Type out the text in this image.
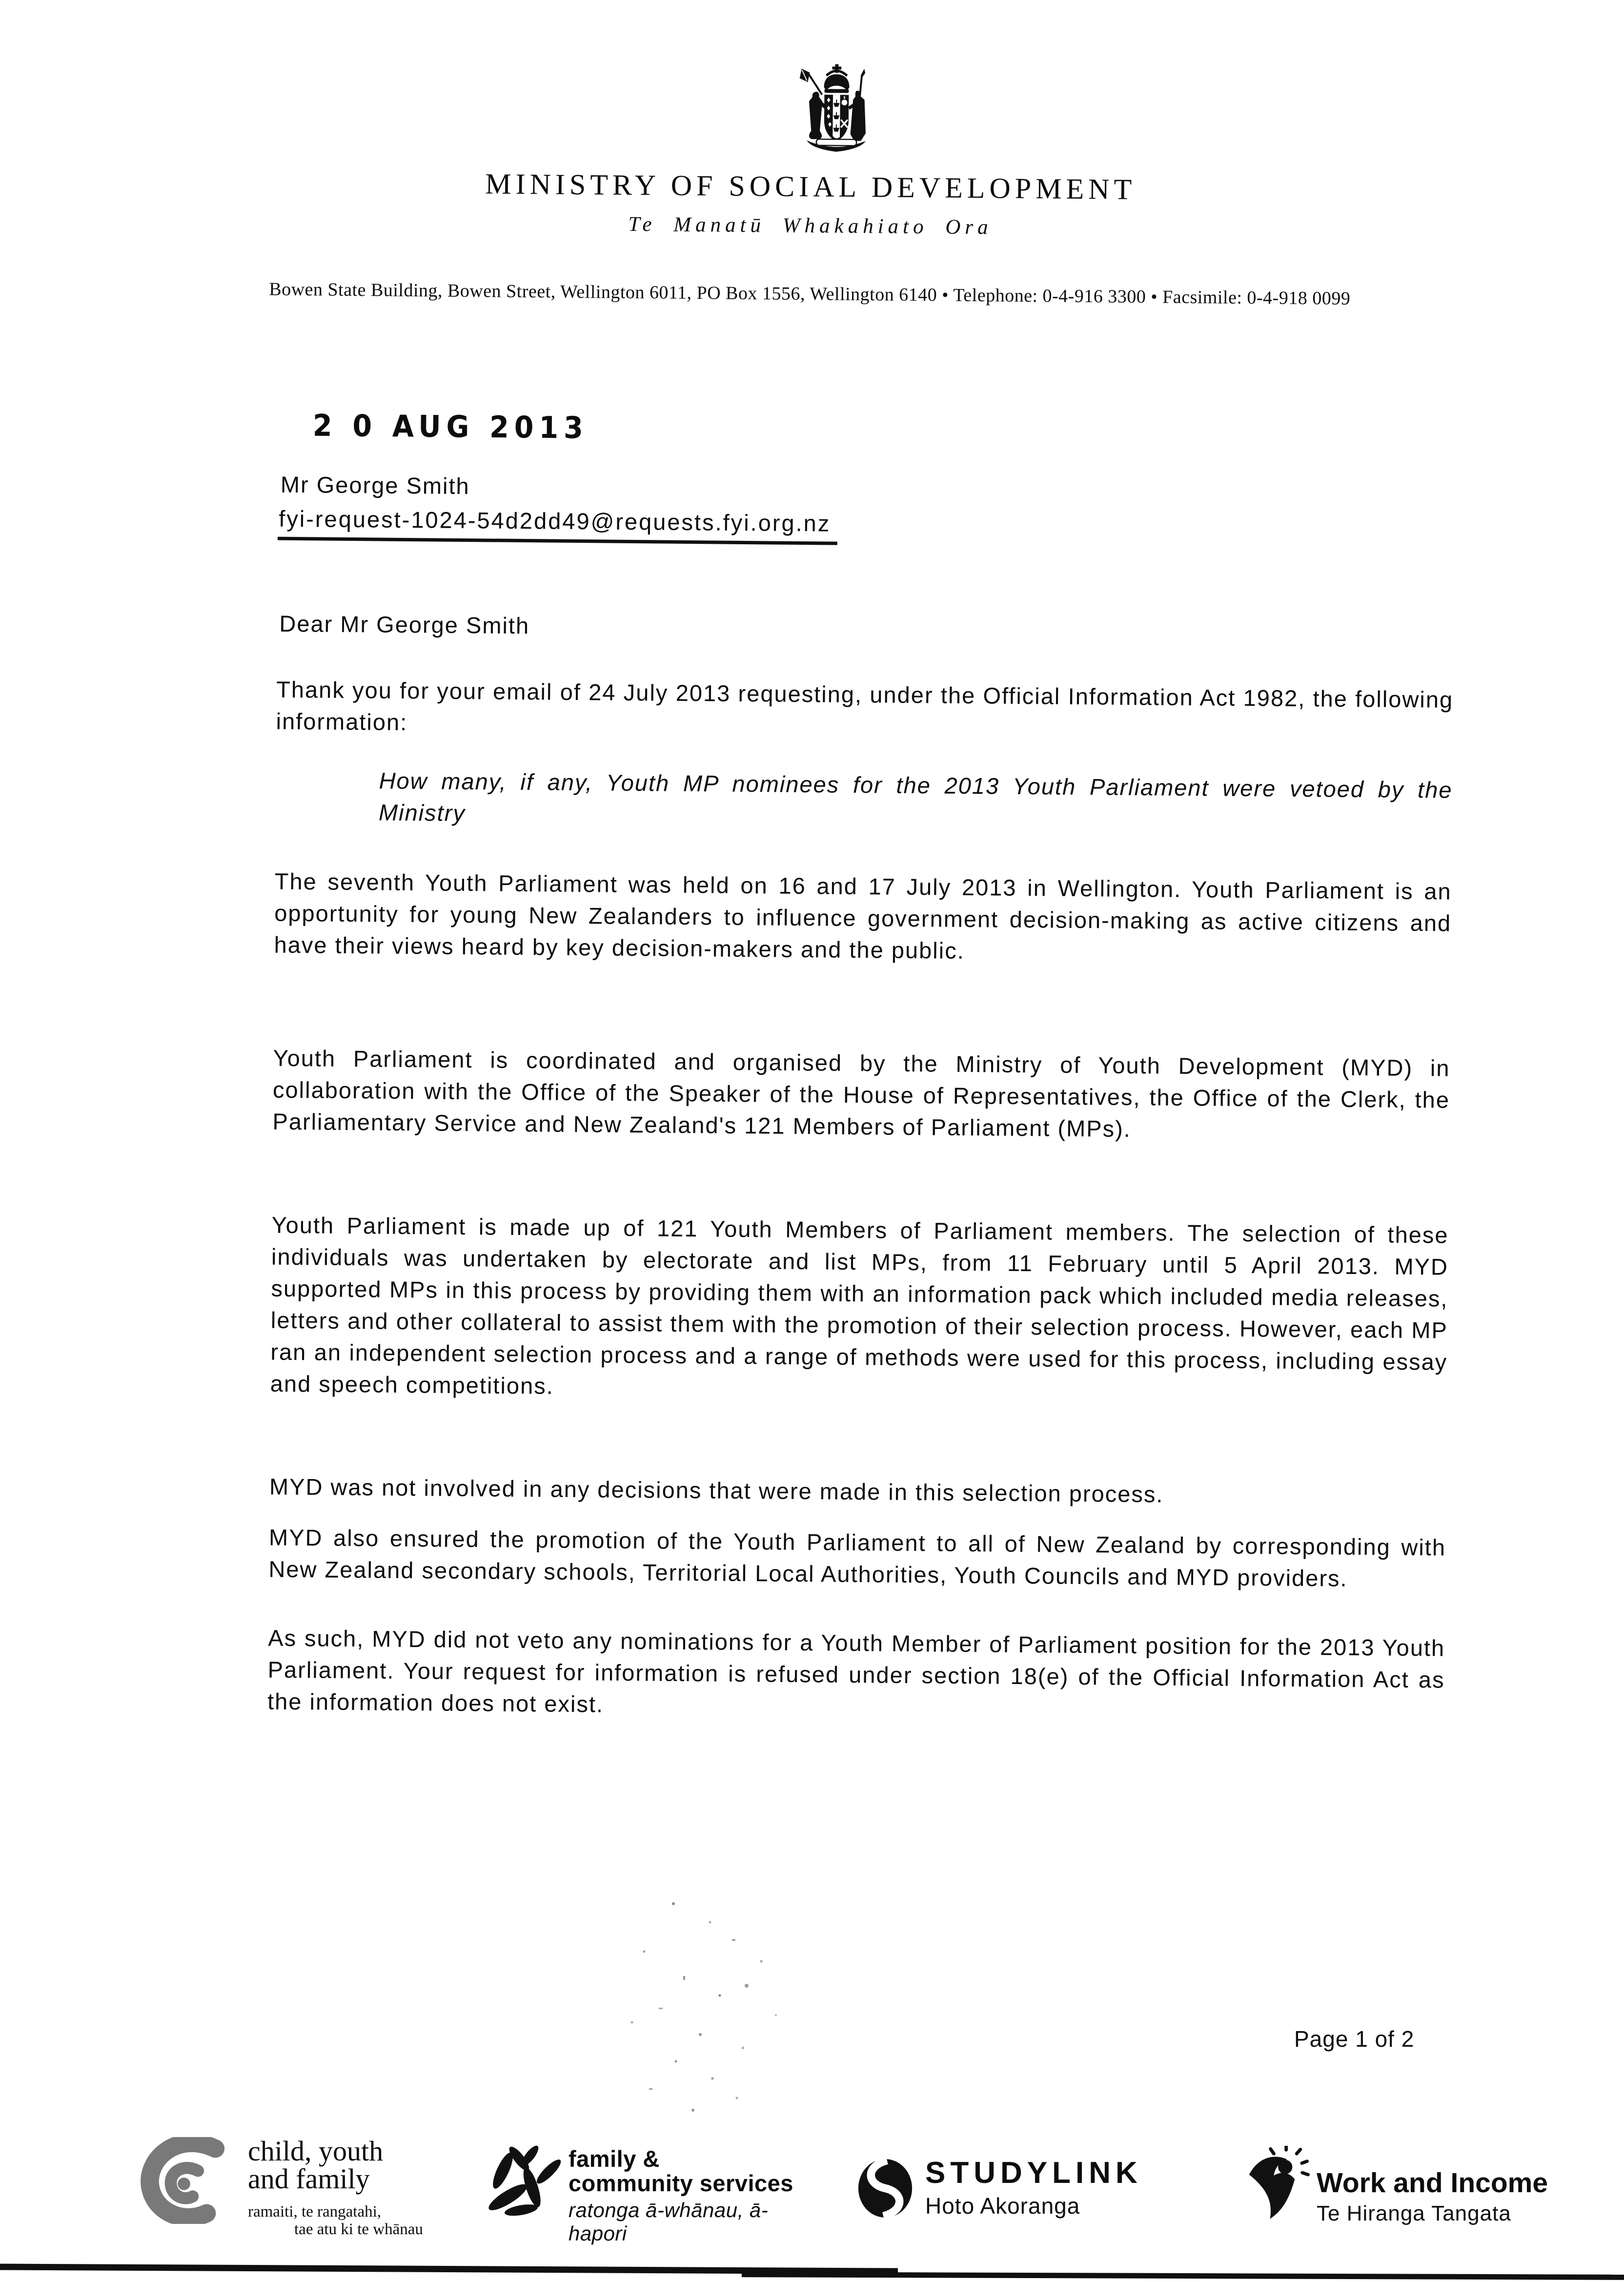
MINISTRY OF SOCIAL DEVELOPMENT
Te Manatū Whakahiato Ora
Bowen State Building, Bowen Street, Wellington 6011, PO Box 1556, Wellington 6140 • Telephone: 0-4-916 3300 • Facsimile: 0-4-918 0099
2 0 AUG 2013
Mr George Smith
fyi-request-1024-54d2dd49@requests.fyi.org.nz
Dear Mr George Smith

Thank you for your email of 24 July 2013 requesting, under the Official Information Act 1982, the following information:

How many, if any, Youth MP nominees for the 2013 Youth Parliament were vetoed by the Ministry

The seventh Youth Parliament was held on 16 and 17 July 2013 in Wellington. Youth Parliament is an opportunity for young New Zealanders to influence government decision-making as active citizens and have their views heard by key decision-makers and the public.

Youth Parliament is coordinated and organised by the Ministry of Youth Development (MYD) in collaboration with the Office of the Speaker of the House of Representatives, the Office of the Clerk, the Parliamentary Service and New Zealand's 121 Members of Parliament (MPs).

Youth Parliament is made up of 121 Youth Members of Parliament members. The selection of these individuals was undertaken by electorate and list MPs, from 11 February until 5 April 2013. MYD supported MPs in this process by providing them with an information pack which included media releases, letters and other collateral to assist them with the promotion of their selection process. However, each MP ran an independent selection process and a range of methods were used for this process, including essay and speech competitions.

MYD was not involved in any decisions that were made in this selection process.

MYD also ensured the promotion of the Youth Parliament to all of New Zealand by corresponding with New Zealand secondary schools, Territorial Local Authorities, Youth Councils and MYD providers.

As such, MYD did not veto any nominations for a Youth Member of Parliament position for the 2013 Youth Parliament. Your request for information is refused under section 18(e) of the Official Information Act as the information does not exist.

Page 1 of 2
child, youth
and family
ramaiti, te rangatahi,
tae atu ki te whānau
family &
community services
ratonga ā-whānau, ā-hapori
STUDYLINK
Hoto Akoranga
Work and Income
Te Hiranga Tangata
